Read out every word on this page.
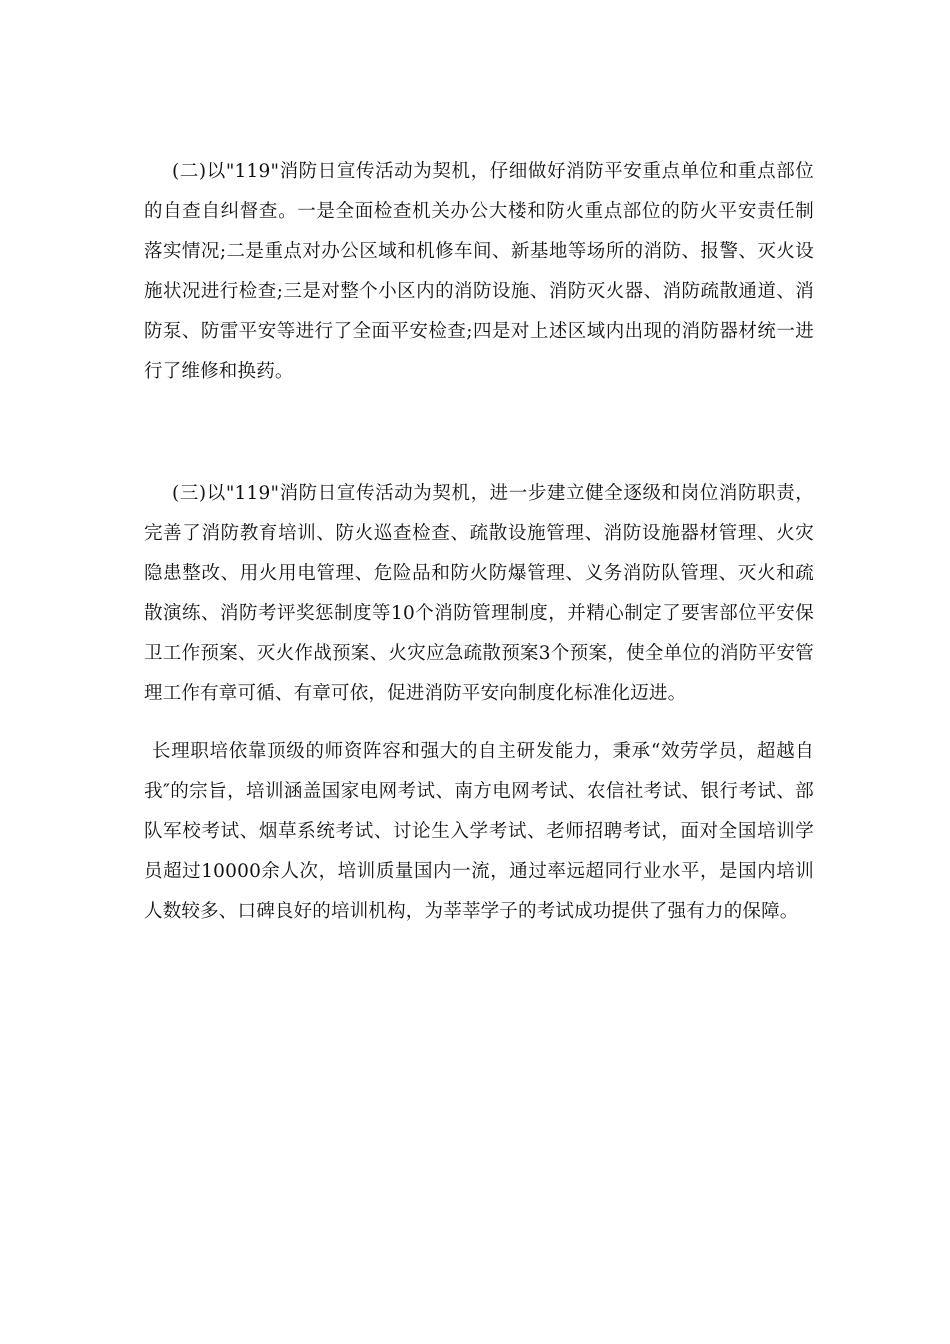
(二)以"119"消防日宣传活动为契机，仔细做好消防平安重点单位和重点部位的自查自纠督查。一是全面检查机关办公大楼和防火重点部位的防火平安责任制落实情况;二是重点对办公区域和机修车间、新基地等场所的消防、报警、灭火设施状况进行检查;三是对整个小区内的消防设施、消防灭火器、消防疏散通道、消防泵、防雷平安等进行了全面平安检查;四是对上述区域内出现的消防器材统一进行了维修和换药。

(三)以"119"消防日宣传活动为契机，进一步建立健全逐级和岗位消防职责，完善了消防教育培训、防火巡查检查、疏散设施管理、消防设施器材管理、火灾隐患整改、用火用电管理、危险品和防火防爆管理、义务消防队管理、灭火和疏散演练、消防考评奖惩制度等10个消防管理制度，并精心制定了要害部位平安保卫工作预案、灭火作战预案、火灾应急疏散预案3个预案，使全单位的消防平安管理工作有章可循、有章可依，促进消防平安向制度化标准化迈进。

长理职培依靠顶级的师资阵容和强大的自主研发能力，秉承“效劳学员，超越自我″的宗旨，培训涵盖国家电网考试、南方电网考试、农信社考试、银行考试、部队军校考试、烟草系统考试、讨论生入学考试、老师招聘考试，面对全国培训学员超过10000余人次，培训质量国内一流，通过率远超同行业水平，是国内培训人数较多、口碑良好的培训机构，为莘莘学子的考试成功提供了强有力的保障。
